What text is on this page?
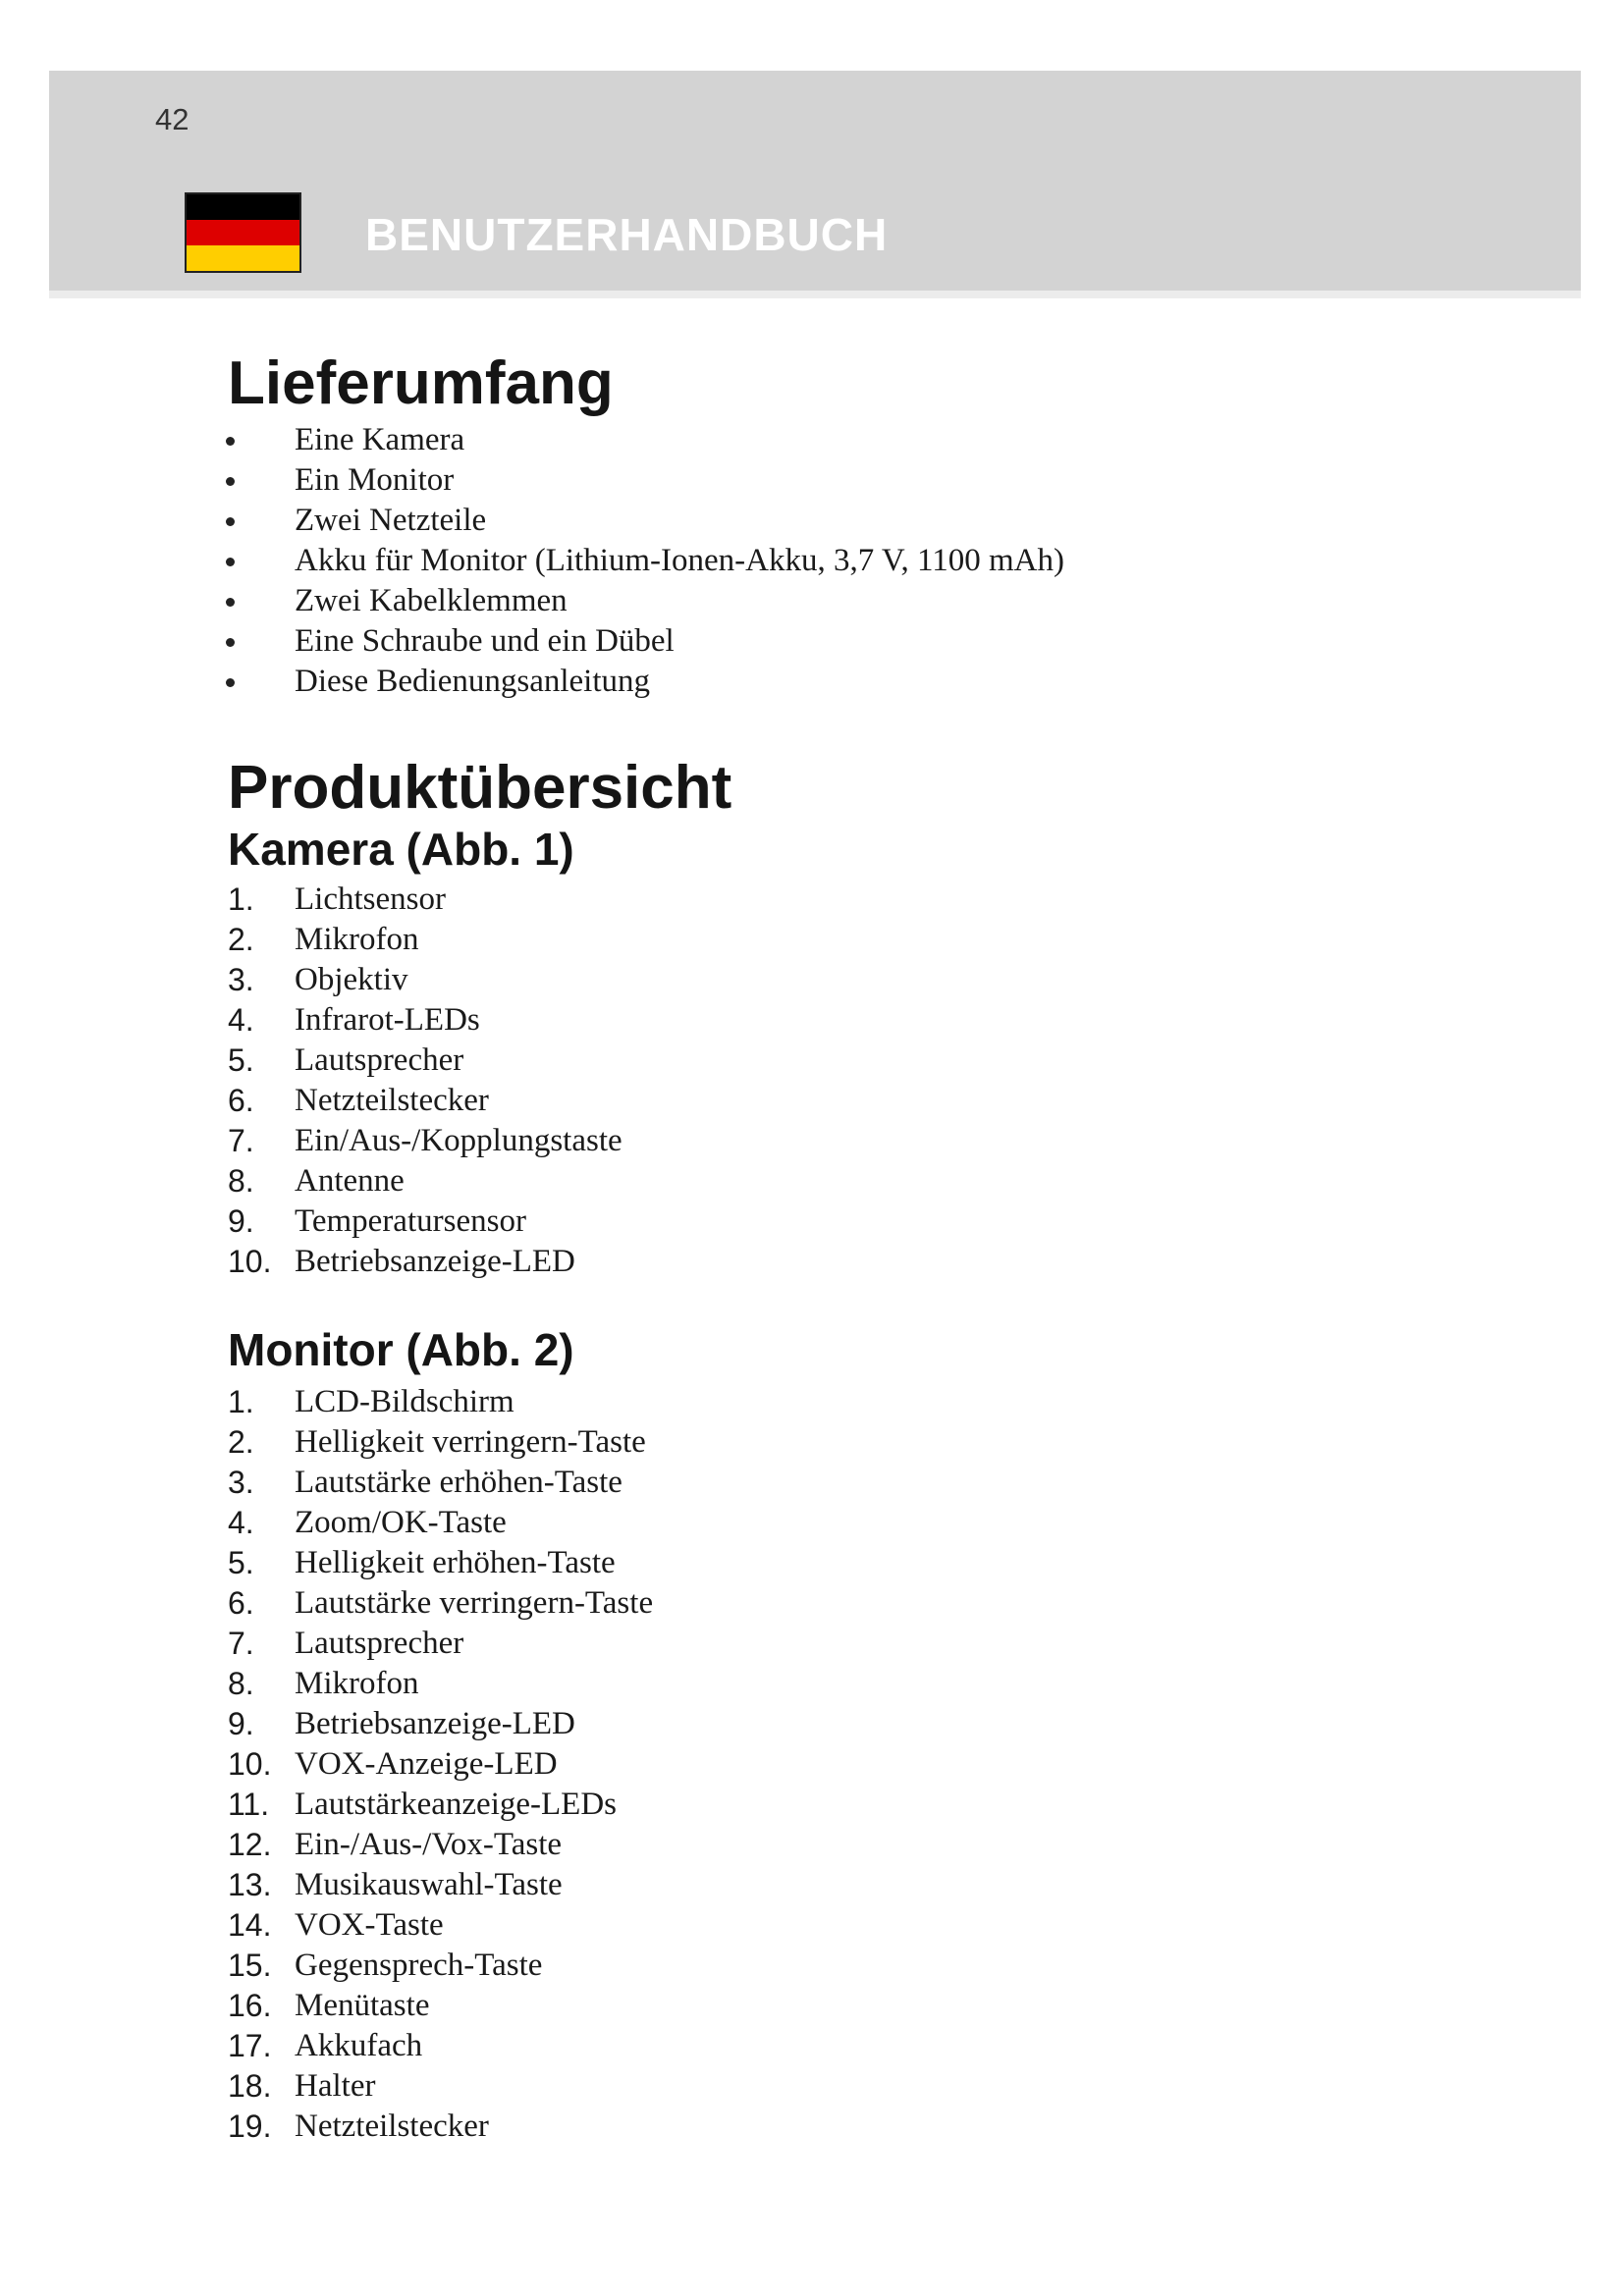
42
BENUTZERHANDBUCH
Lieferumfang
Eine Kamera
Ein Monitor
Zwei Netzteile
Akku für Monitor (Lithium-Ionen-Akku, 3,7 V, 1100 mAh)
Zwei Kabelklemmen
Eine Schraube und ein Dübel
Diese Bedienungsanleitung
Produktübersicht
Kamera (Abb. 1)
1. Lichtsensor
2. Mikrofon
3. Objektiv
4. Infrarot-LEDs
5. Lautsprecher
6. Netzteilstecker
7. Ein/Aus-/Kopplungstaste
8. Antenne
9. Temperatursensor
10. Betriebsanzeige-LED
Monitor (Abb. 2)
1. LCD-Bildschirm
2. Helligkeit verringern-Taste
3. Lautstärke erhöhen-Taste
4. Zoom/OK-Taste
5. Helligkeit erhöhen-Taste
6. Lautstärke verringern-Taste
7. Lautsprecher
8. Mikrofon
9. Betriebsanzeige-LED
10. VOX-Anzeige-LED
11. Lautstärkeanzeige-LEDs
12. Ein-/Aus-/Vox-Taste
13. Musikauswahl-Taste
14. VOX-Taste
15. Gegensprech-Taste
16. Menütaste
17. Akkufach
18. Halter
19. Netzteilstecker
